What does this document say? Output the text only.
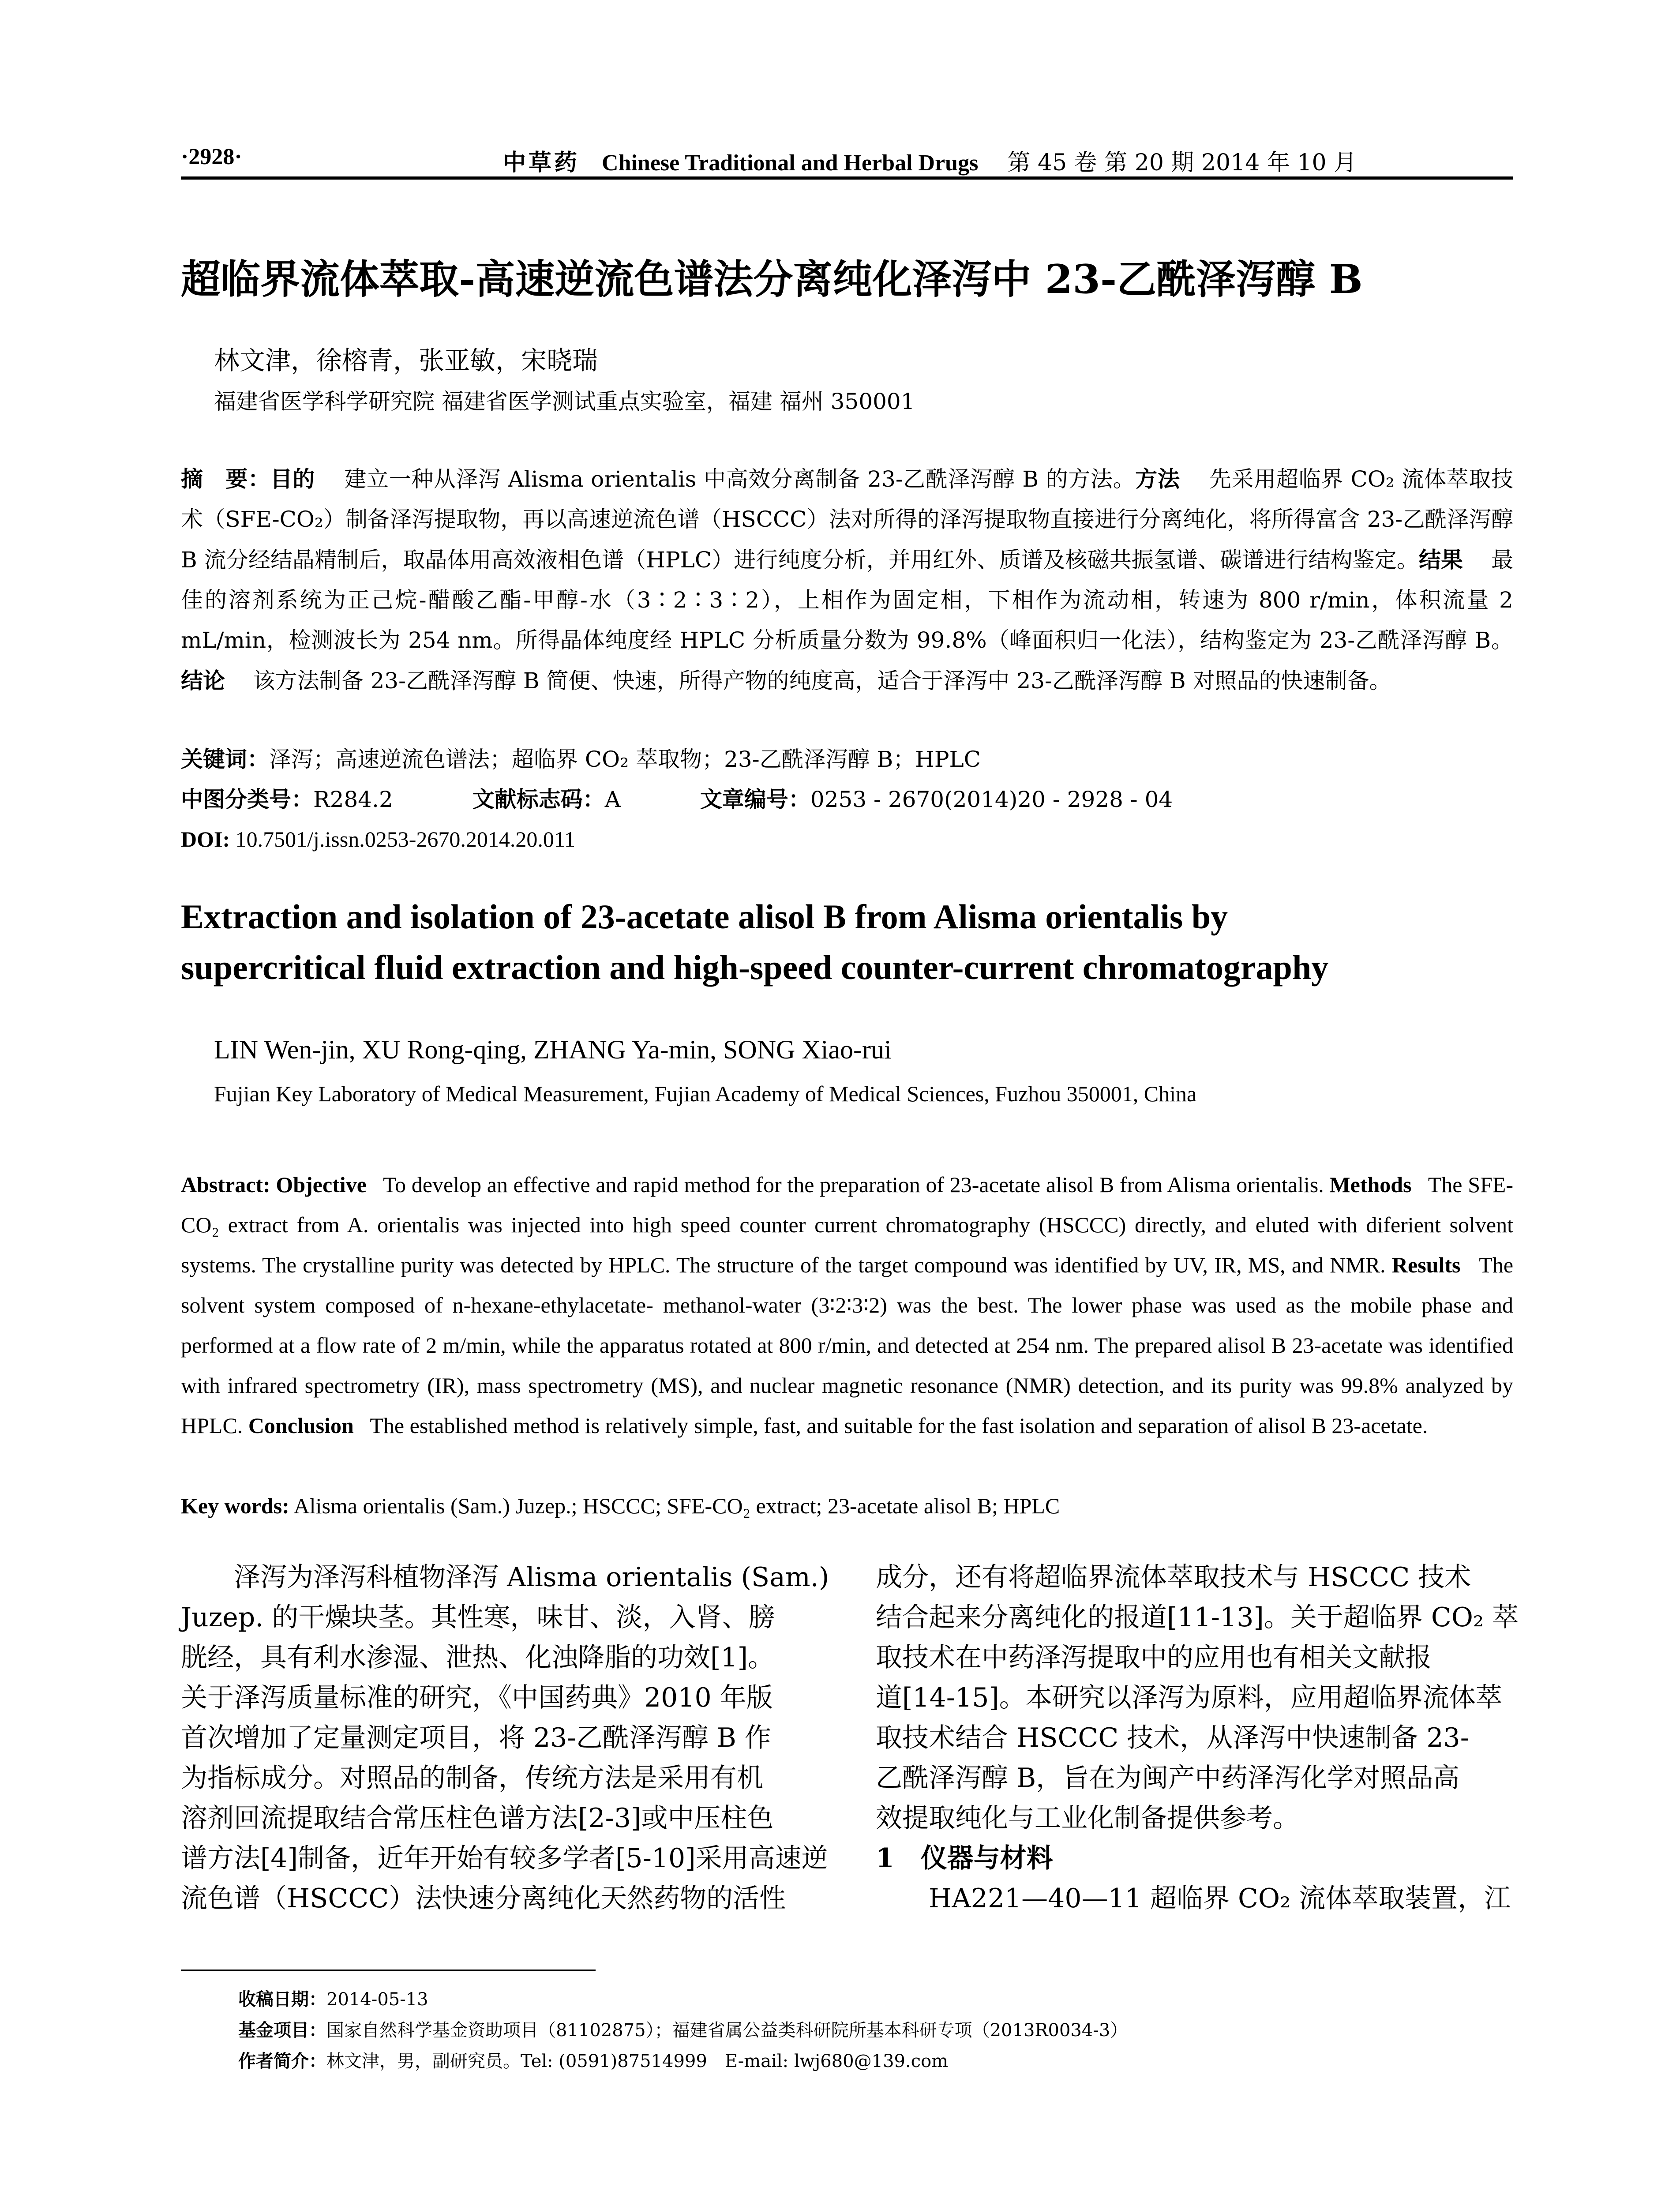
·2928·	中草药 Chinese Traditional and Herbal Drugs 第 45 卷 第 20 期 2014 年 10 月
超临界流体萃取-高速逆流色谱法分离纯化泽泻中 23-乙酰泽泻醇 B
林文津，徐榕青，张亚敏，宋晓瑞
福建省医学科学研究院 福建省医学测试重点实验室，福建 福州 350001
摘　要：目的 建立一种从泽泻 Alisma orientalis 中高效分离制备 23-乙酰泽泻醇 B 的方法。方法 先采用超临界 CO₂ 流体萃取技术（SFE-CO₂）制备泽泻提取物，再以高速逆流色谱（HSCCC）法对所得的泽泻提取物直接进行分离纯化，将所得富含 23-乙酰泽泻醇 B 流分经结晶精制后，取晶体用高效液相色谱（HPLC）进行纯度分析，并用红外、质谱及核磁共振氢谱、碳谱进行结构鉴定。结果 最佳的溶剂系统为正己烷-醋酸乙酯-甲醇-水（3∶2∶3∶2），上相作为固定相，下相作为流动相，转速为 800 r/min，体积流量 2 mL/min，检测波长为 254 nm。所得晶体纯度经 HPLC 分析质量分数为 99.8%（峰面积归一化法），结构鉴定为 23-乙酰泽泻醇 B。结论 该方法制备 23-乙酰泽泻醇 B 简便、快速，所得产物的纯度高，适合于泽泻中 23-乙酰泽泻醇 B 对照品的快速制备。
关键词：泽泻；高速逆流色谱法；超临界 CO₂ 萃取物；23-乙酰泽泻醇 B；HPLC
中图分类号：R284.2	文献标志码：A	文章编号：0253 - 2670(2014)20 - 2928 - 04
DOI: 10.7501/j.issn.0253-2670.2014.20.011
Extraction and isolation of 23-acetate alisol B from Alisma orientalis by
supercritical fluid extraction and high-speed counter-current chromatography
LIN Wen-jin, XU Rong-qing, ZHANG Ya-min, SONG Xiao-rui
Fujian Key Laboratory of Medical Measurement, Fujian Academy of Medical Sciences, Fuzhou 350001, China
Abstract: Objective To develop an effective and rapid method for the preparation of 23-acetate alisol B from Alisma orientalis. Methods The SFE-CO₂ extract from A. orientalis was injected into high speed counter current chromatography (HSCCC) directly, and eluted with diferient solvent systems. The crystalline purity was detected by HPLC. The structure of the target compound was identified by UV, IR, MS, and NMR. Results The solvent system composed of n-hexane-ethylacetate- methanol-water (3∶2∶3∶2) was the best. The lower phase was used as the mobile phase and performed at a flow rate of 2 m/min, while the apparatus rotated at 800 r/min, and detected at 254 nm. The prepared alisol B 23-acetate was identified with infrared spectrometry (IR), mass spectrometry (MS), and nuclear magnetic resonance (NMR) detection, and its purity was 99.8% analyzed by HPLC. Conclusion The established method is relatively simple, fast, and suitable for the fast isolation and separation of alisol B 23-acetate.
Key words: Alisma orientalis (Sam.) Juzep.; HSCCC; SFE-CO₂ extract; 23-acetate alisol B; HPLC
泽泻为泽泻科植物泽泻 Alisma orientalis (Sam.)
Juzep. 的干燥块茎。其性寒，味甘、淡，入肾、膀
胱经，具有利水渗湿、泄热、化浊降脂的功效[1]。
关于泽泻质量标准的研究，《中国药典》2010 年版
首次增加了定量测定项目，将 23-乙酰泽泻醇 B 作
为指标成分。对照品的制备，传统方法是采用有机
溶剂回流提取结合常压柱色谱方法[2-3]或中压柱色
谱方法[4]制备，近年开始有较多学者[5-10]采用高速逆
流色谱（HSCCC）法快速分离纯化天然药物的活性
成分，还有将超临界流体萃取技术与 HSCCC 技术
结合起来分离纯化的报道[11-13]。关于超临界 CO₂ 萃
取技术在中药泽泻提取中的应用也有相关文献报
道[14-15]。本研究以泽泻为原料，应用超临界流体萃
取技术结合 HSCCC 技术，从泽泻中快速制备 23-
乙酰泽泻醇 B，旨在为闽产中药泽泻化学对照品高
效提取纯化与工业化制备提供参考。
1　仪器与材料
HA221—40—11 超临界 CO₂ 流体萃取装置，江
收稿日期：2014-05-13
基金项目：国家自然科学基金资助项目（81102875）；福建省属公益类科研院所基本科研专项（2013R0034-3）
作者简介：林文津，男，副研究员。Tel: (0591)87514999　E-mail: lwj680@139.com
